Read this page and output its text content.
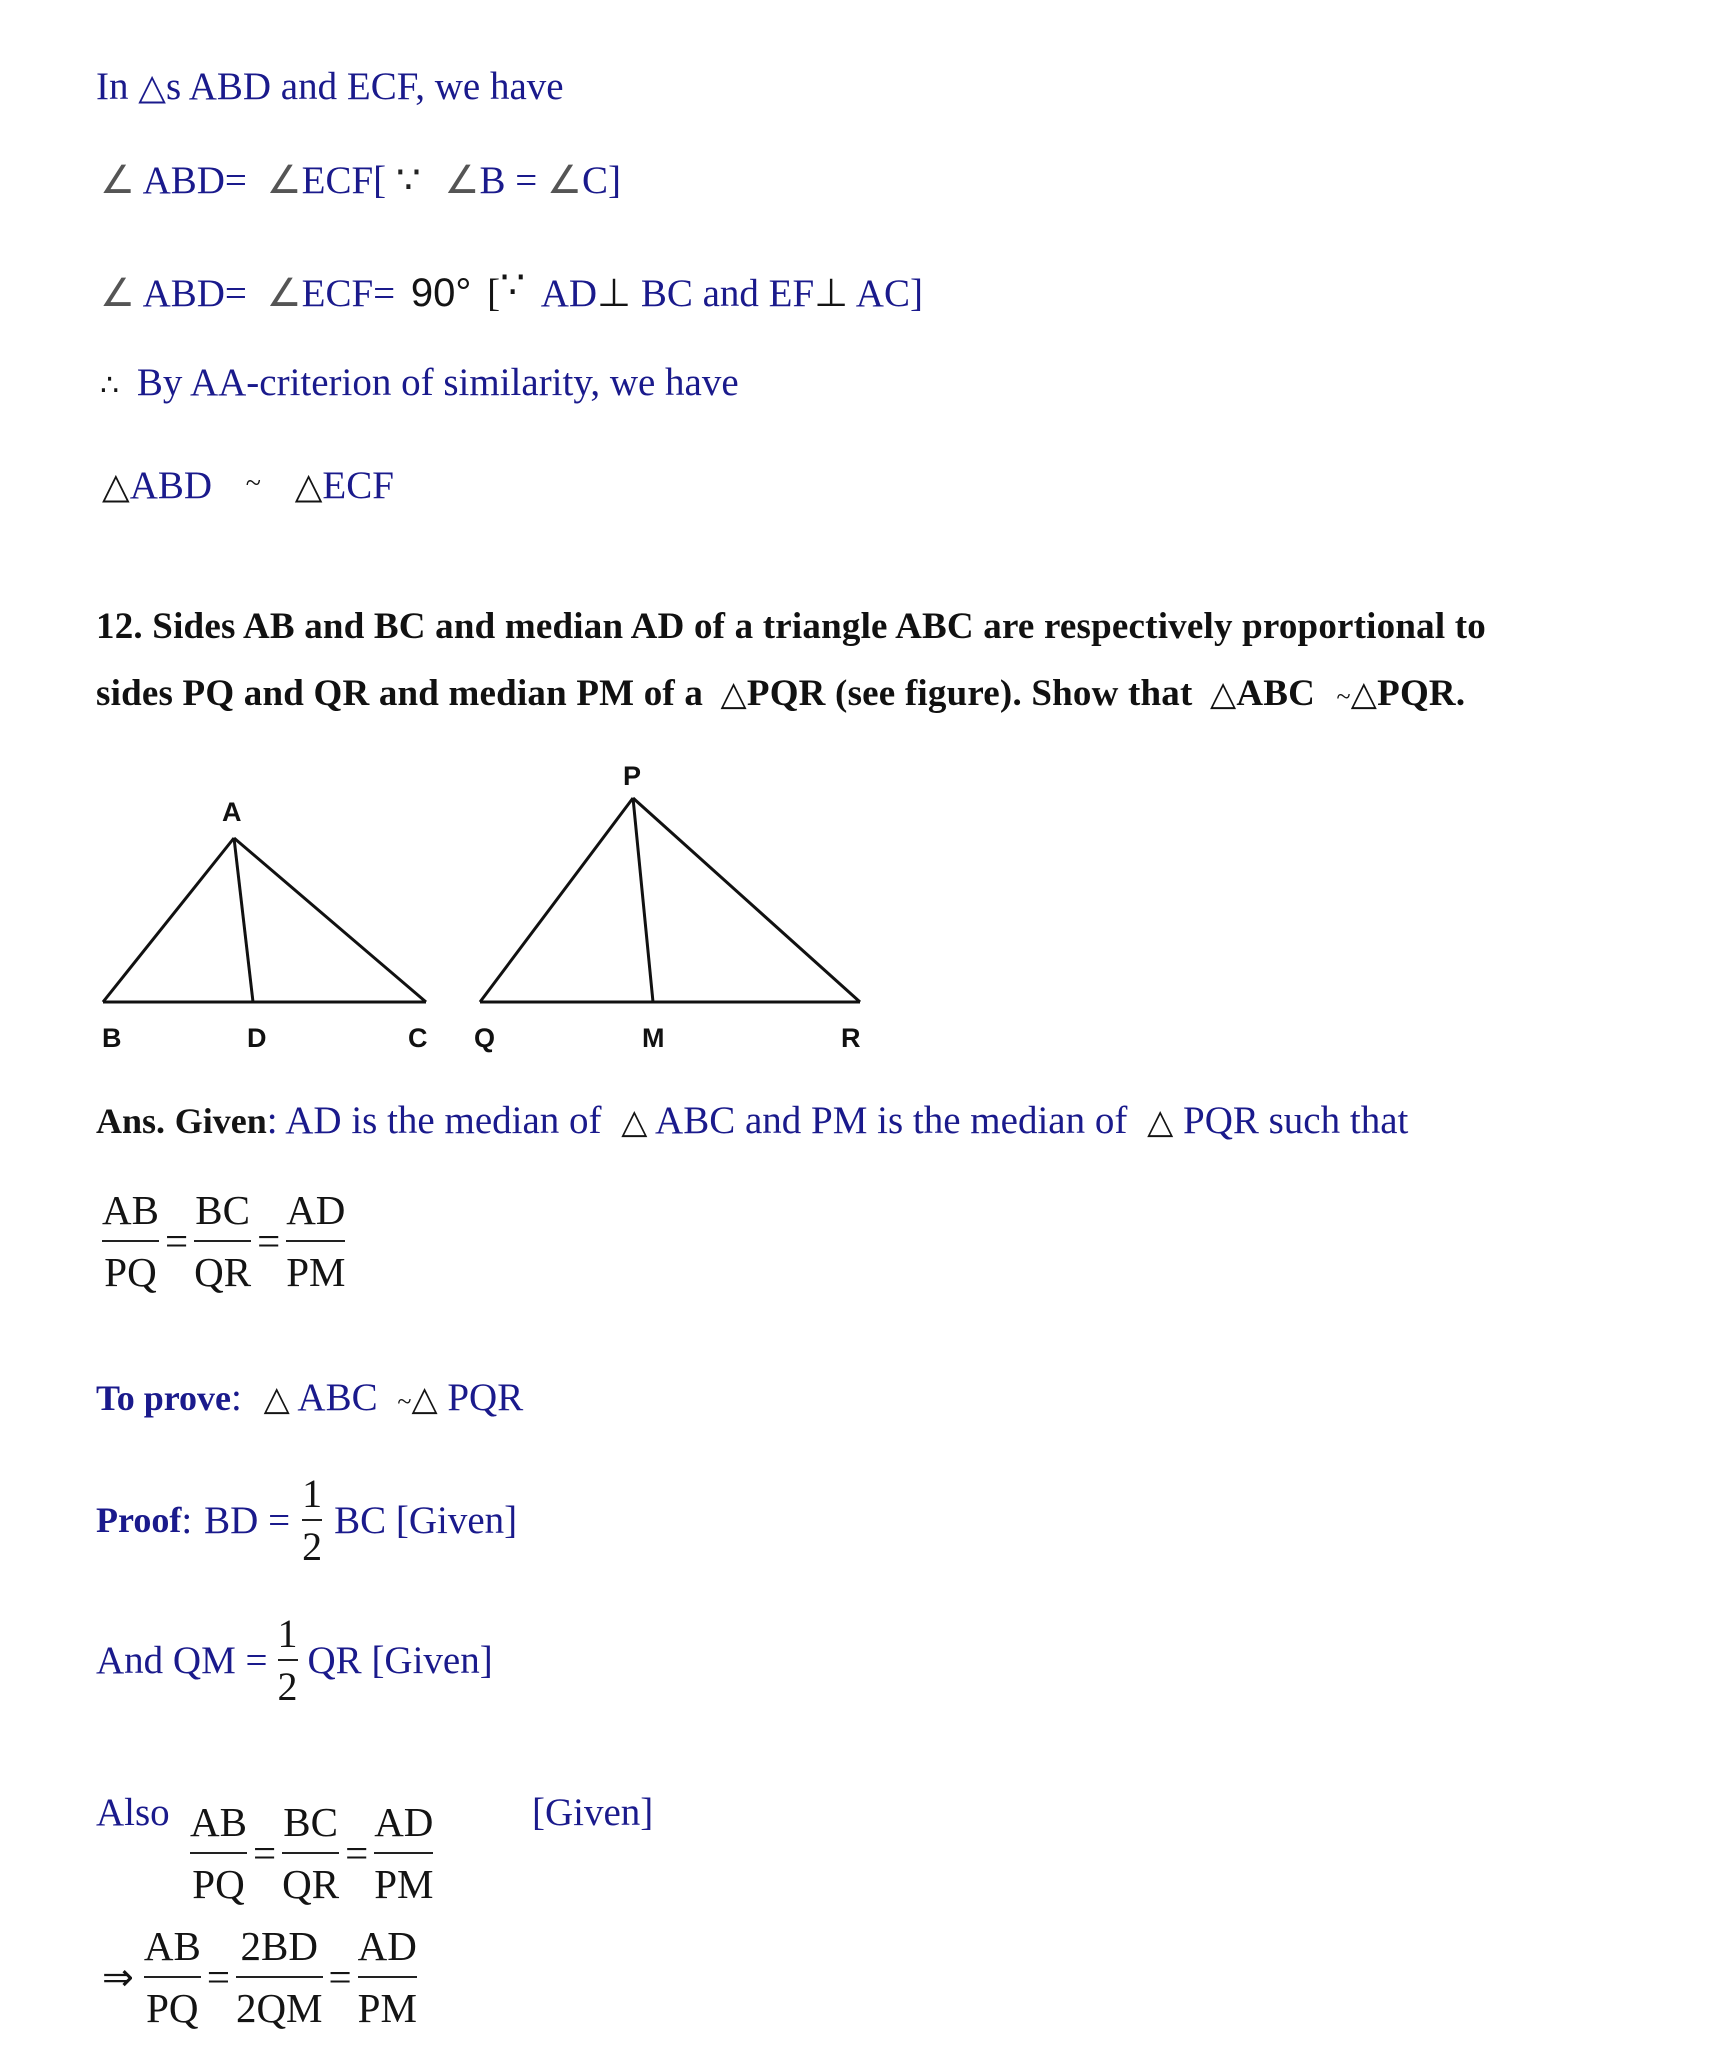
In △s ABD and ECF, we have
∠ ABD= ∠ECF[ ∵ ∠B = ∠C]
∠ ABD= ∠ECF= 90° [∵ AD⊥ BC and EF⊥ AC]
∴ By AA-criterion of similarity, we have
△ABD ~ △ECF
12. Sides AB and BC and median AD of a triangle ABC are respectively proportional to
sides PQ and QR and median PM of a △PQR (see figure). Show that △ABC ~△PQR.
A
B	D	C Q
P
M	R
Ans. Given: AD is the median of △ ABC and PM is the median of △ PQR such that
$\frac{AB}{PQ} = \frac{BC}{QR} = \frac{AD}{PM}$
To prove: △ ABC ~△ PQR
Proof : BD = $\frac{1}{2}$ BC [Given]
And QM = $\frac{1}{2}$ QR [Given]
Also $\frac{AB}{PQ} = \frac{BC}{QR} = \frac{AD}{PM}$	[Given]
⇒ $\frac{AB}{PQ} = \frac{2BD}{2QM} = \frac{AD}{PM}$
